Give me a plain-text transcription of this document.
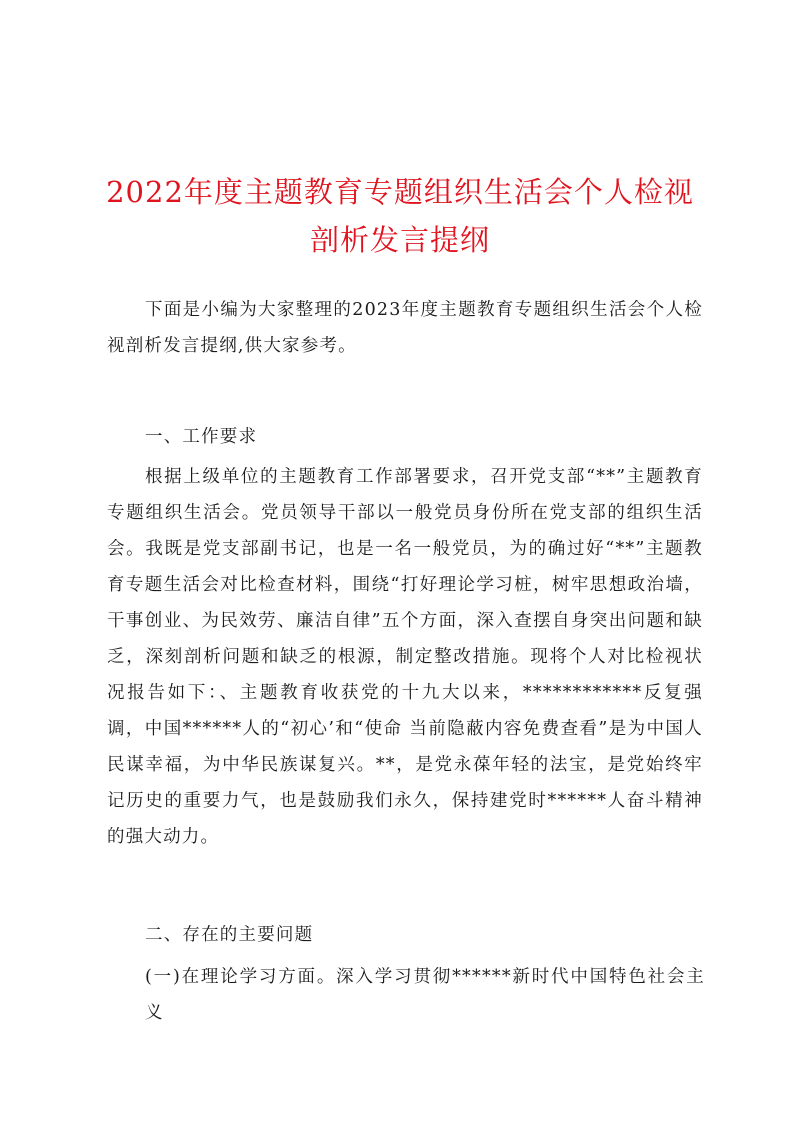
2022年度主题教育专题组织生活会个人检视
剖析发言提纲

下面是小编为大家整理的2023年度主题教育专题组织生活会个人检视剖析发言提纲,供大家参考。

一、工作要求

根据上级单位的主题教育工作部署要求，召开党支部“**”主题教育专题组织生活会。党员领导干部以一般党员身份所在党支部的组织生活会。我既是党支部副书记，也是一名一般党员，为的确过好“**”主题教育专题生活会对比检查材料，围绕“打好理论学习桩，树牢思想政治墙，干事创业、为民效劳、廉洁自律”五个方面，深入查摆自身突出问题和缺乏，深刻剖析问题和缺乏的根源，制定整改措施。现将个人对比检视状况报告如下：、主题教育收获党的十九大以来，************反复强调，中国******人的“初心’和“使命 当前隐蔽内容免费查看”是为中国人民谋幸福，为中华民族谋复兴。**，是党永葆年轻的法宝，是党始终牢记历史的重要力气，也是鼓励我们永久，保持建党时******人奋斗精神的强大动力。

二、存在的主要问题

(一)在理论学习方面。深入学习贯彻******新时代中国特色社会主义
